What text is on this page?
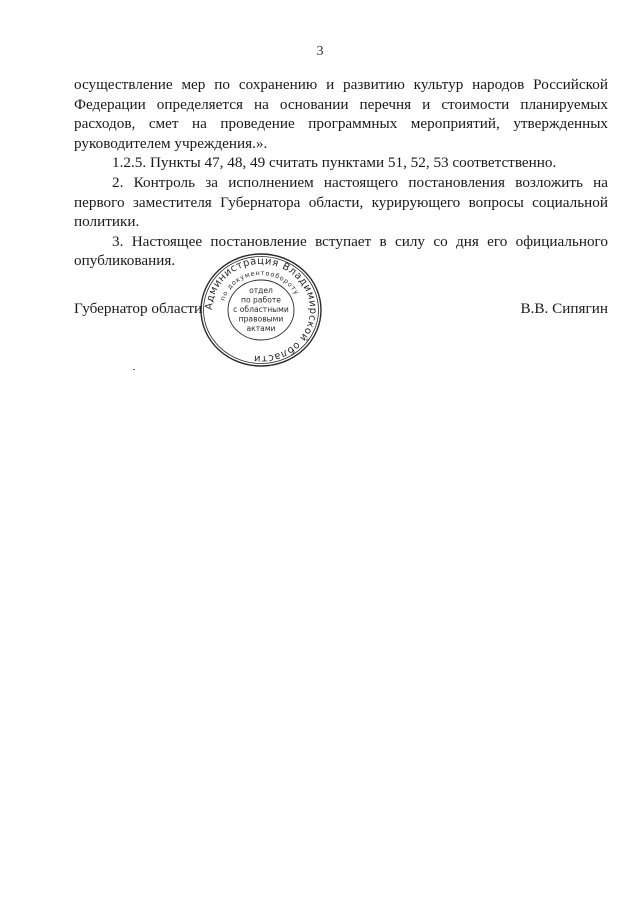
3

осуществление мер по сохранению и развитию культур народов Российской Федерации определяется на основании перечня и стоимости планируемых расходов, смет на проведение программных мероприятий, утвержденных руководителем учреждения.».

1.2.5. Пункты 47, 48, 49 считать пунктами 51, 52, 53 соответственно.

2. Контроль за исполнением настоящего постановления возложить на первого заместителя Губернатора области, курирующего вопросы социальной политики.

3. Настоящее постановление вступает в силу со дня его официального опубликования.

Губернатор области	В.В. Сипягин
Администрация Владимирской области
по документообороту
отдел
по работе
с областными
правовыми
актами
